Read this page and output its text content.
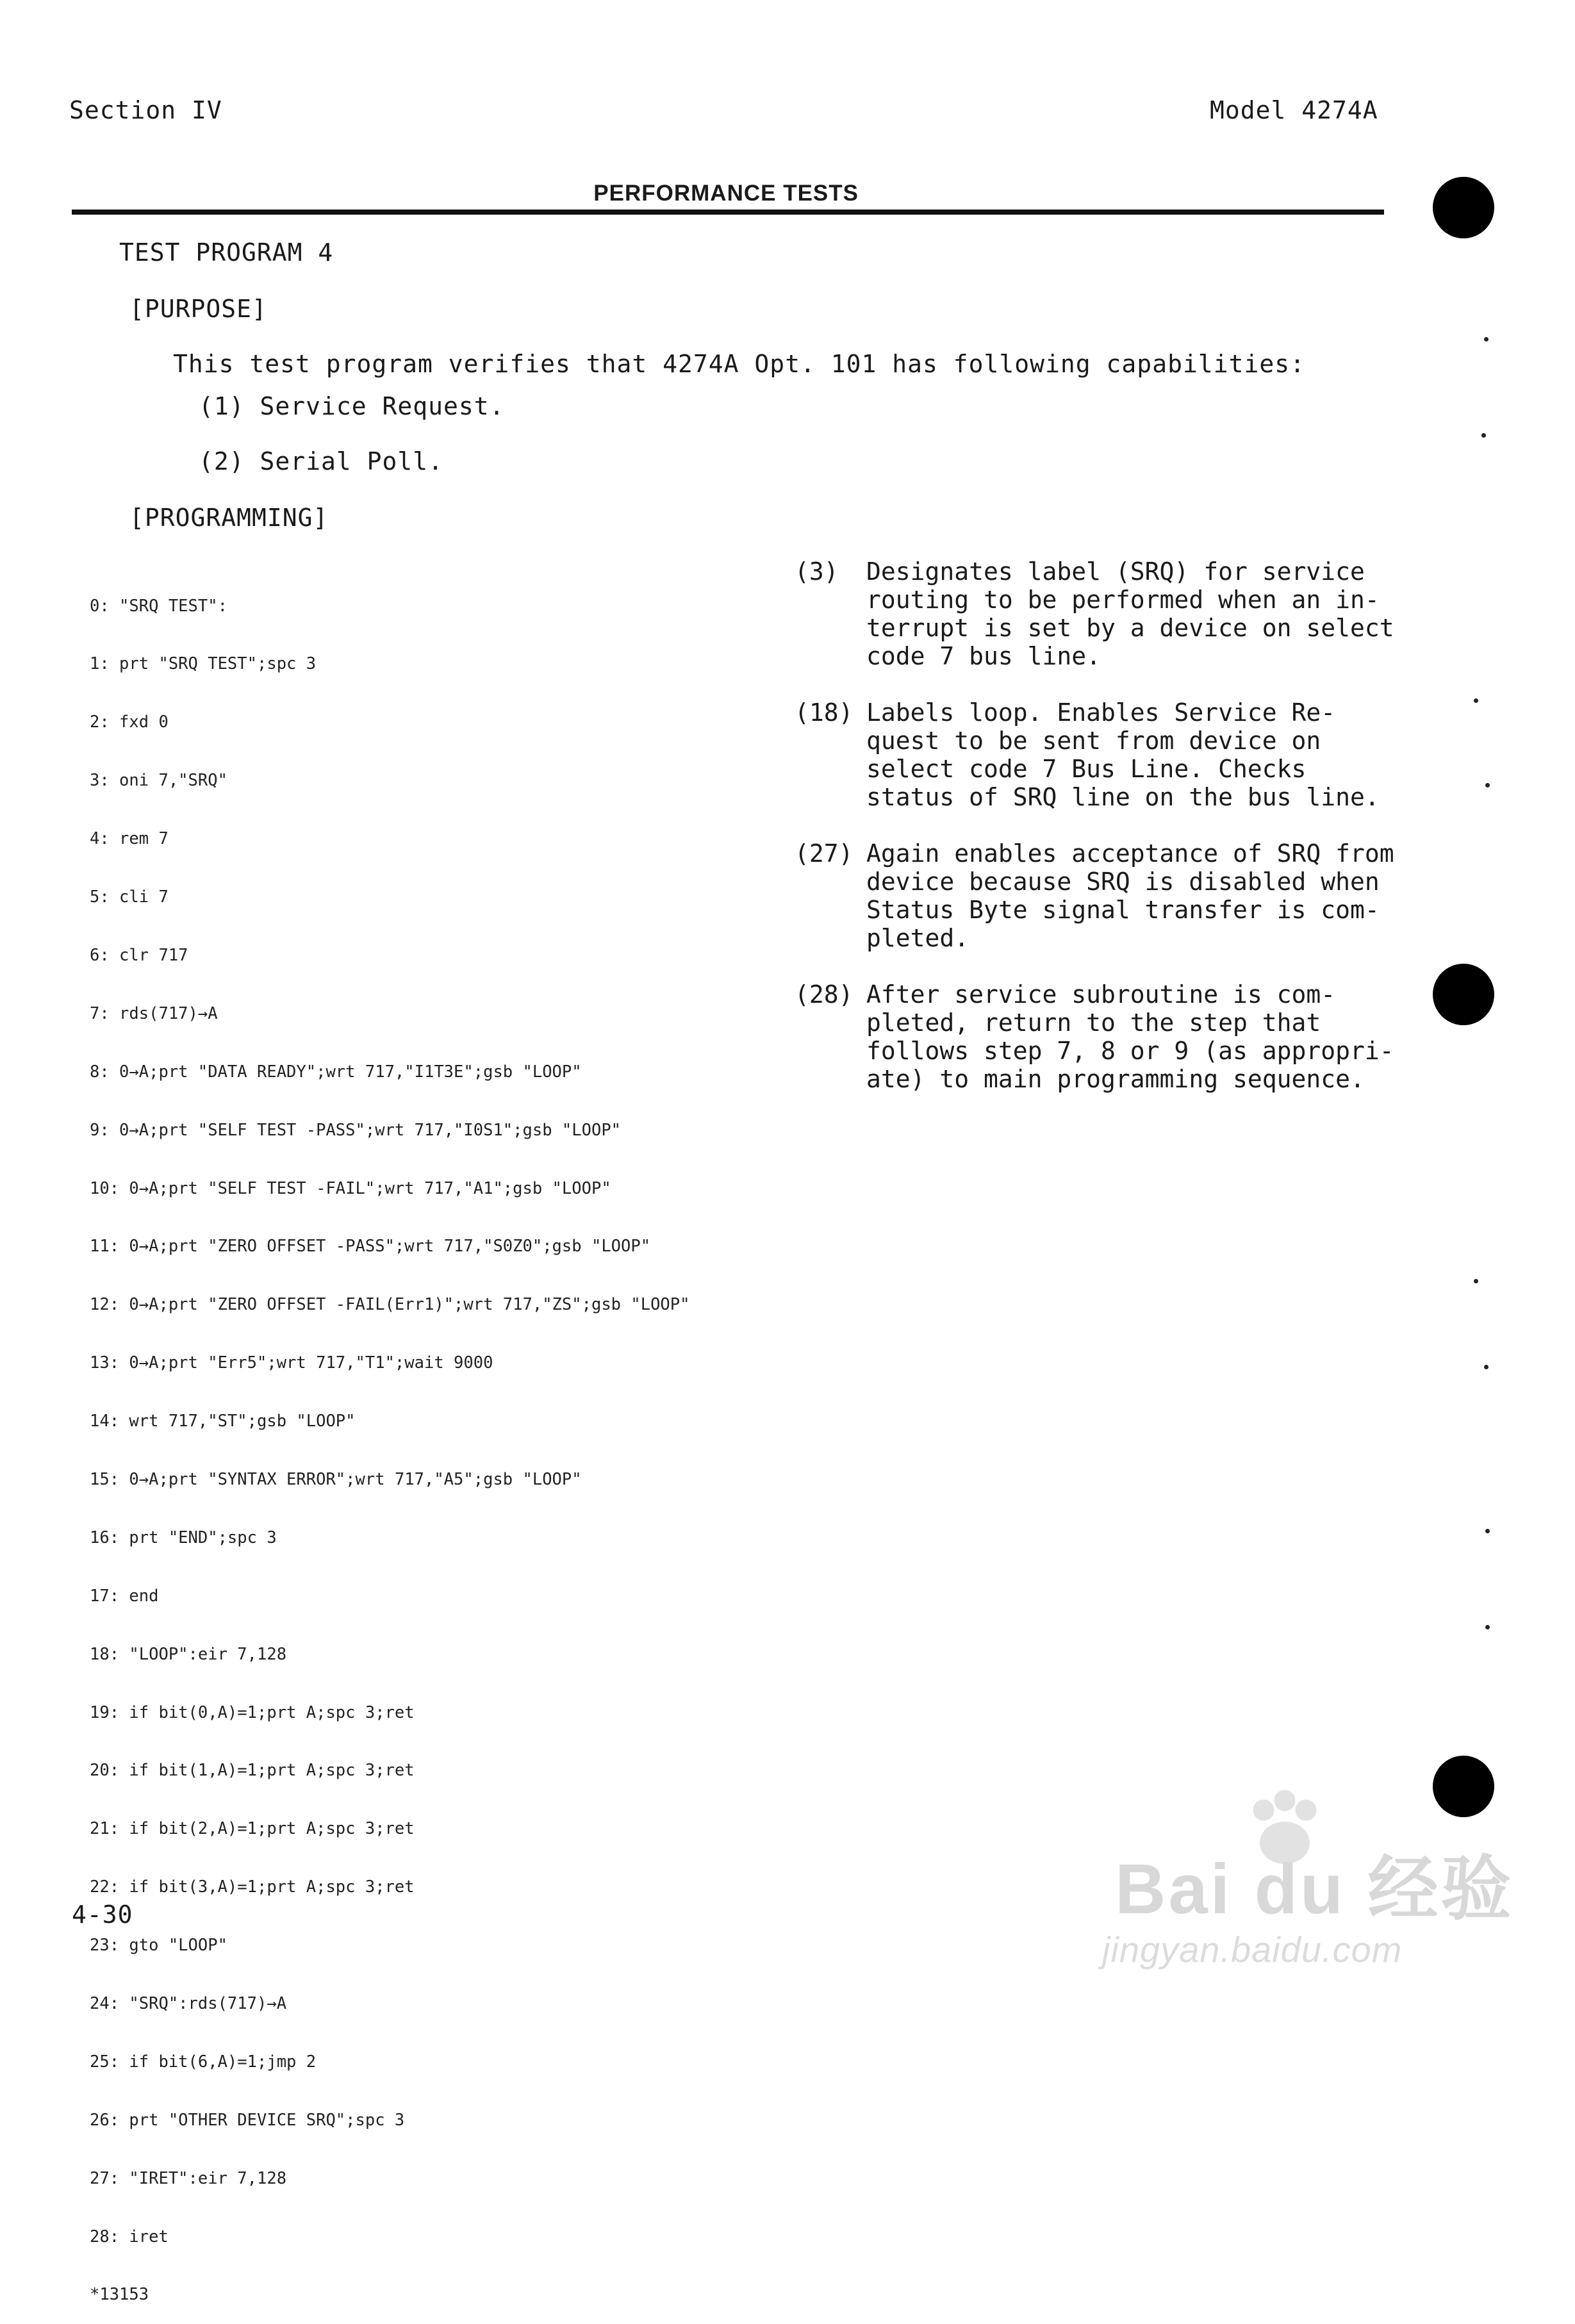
Section IV	Model 4274A
PERFORMANCE TESTS
TEST PROGRAM 4
[PURPOSE]
This test program verifies that 4274A Opt. 101 has following capabilities:
(1) Service Request.
(2) Serial Poll.
[PROGRAMMING]

0: "SRQ TEST":

1: prt "SRQ TEST";spc 3

2: fxd 0

3: oni 7,"SRQ"

4: rem 7

5: cli 7

6: clr 717

7: rds(717)→A

8: 0→A;prt "DATA READY";wrt 717,"I1T3E";gsb "LOOP"

9: 0→A;prt "SELF TEST -PASS";wrt 717,"I0S1";gsb "LOOP"

10: 0→A;prt "SELF TEST -FAIL";wrt 717,"A1";gsb "LOOP"

11: 0→A;prt "ZERO OFFSET -PASS";wrt 717,"S0Z0";gsb "LOOP"

12: 0→A;prt "ZERO OFFSET -FAIL(Err1)";wrt 717,"ZS";gsb "LOOP"

13: 0→A;prt "Err5";wrt 717,"T1";wait 9000

14: wrt 717,"ST";gsb "LOOP"

15: 0→A;prt "SYNTAX ERROR";wrt 717,"A5";gsb "LOOP"

16: prt "END";spc 3

17: end

18: "LOOP":eir 7,128

19: if bit(0,A)=1;prt A;spc 3;ret

20: if bit(1,A)=1;prt A;spc 3;ret

21: if bit(2,A)=1;prt A;spc 3;ret

22: if bit(3,A)=1;prt A;spc 3;ret

23: gto "LOOP"

24: "SRQ":rds(717)→A

25: if bit(6,A)=1;jmp 2

26: prt "OTHER DEVICE SRQ";spc 3

27: "IRET":eir 7,128

28: iret

*13153

(3) Designates label (SRQ) for service
routing to be performed when an in-
terrupt is set by a device on select
code 7 bus line.
(18) Labels loop. Enables Service Re-
quest to be sent from device on
select code 7 Bus Line. Checks
status of SRQ line on the bus line.
(27) Again enables acceptance of SRQ from
device because SRQ is disabled when
Status Byte signal transfer is com-
pleted.
(28) After service subroutine is com-
pleted, return to the step that
follows step 7, 8 or 9 (as appropri-
ate) to main programming sequence.
4-30	Bai du 经验
jingyan.baidu.com
